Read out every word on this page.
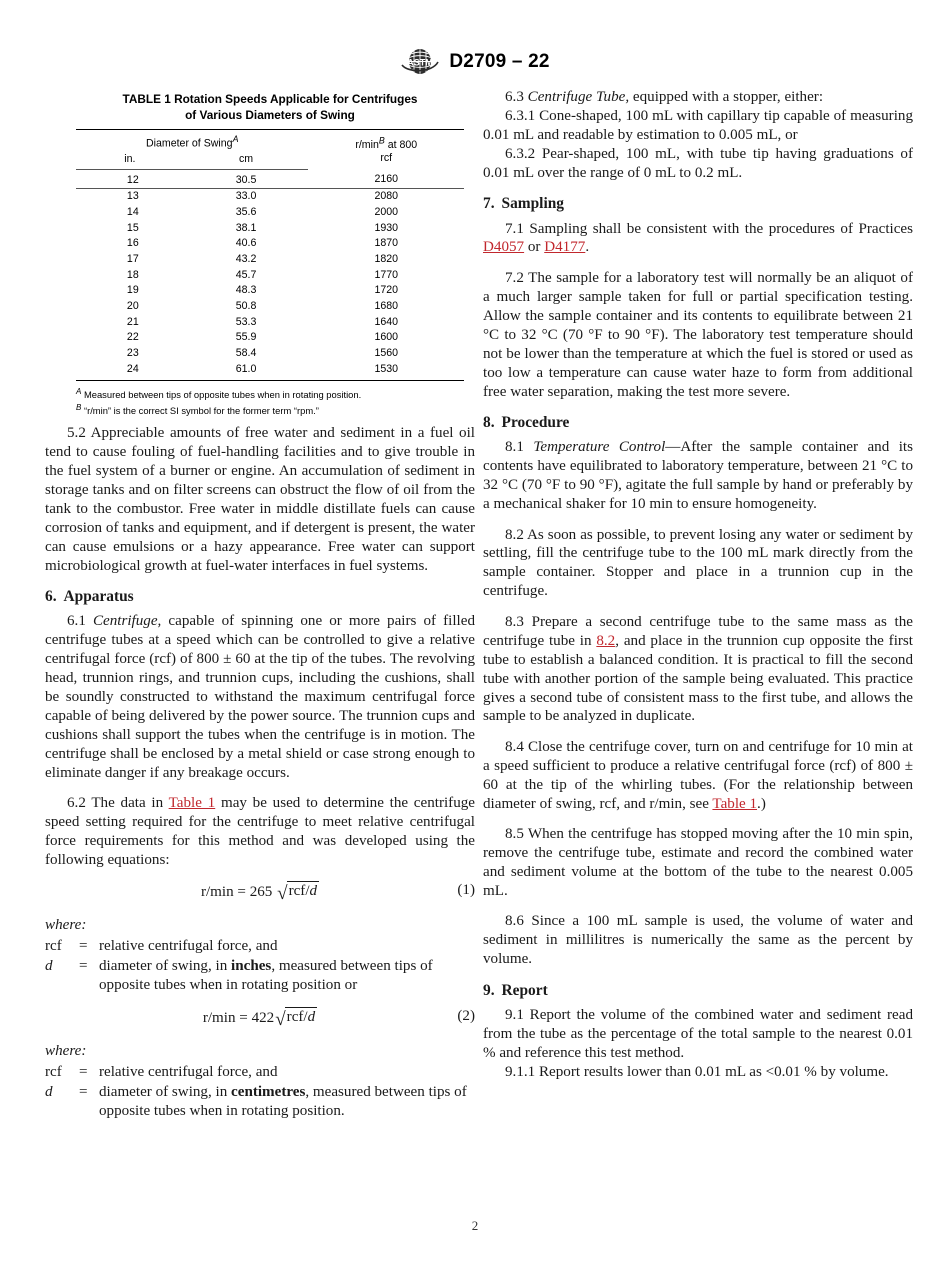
ASTM D2709 – 22
TABLE 1 Rotation Speeds Applicable for Centrifuges
of Various Diameters of Swing
Diameter of Swing$^A$		$r/\min^B$ at 800
rcf
in.	cm	
12	30.5	2160
13	33.0	2080
14	35.6	2000
15	38.1	1930
16	40.6	1870
17	43.2	1820
18	45.7	1770
19	48.3	1720
20	50.8	1680
21	53.3	1640
22	55.9	1600
23	58.4	1560
24	61.0	1530
$^A$ Measured between tips of opposite tubes when in rotating position.
$^B$ “r/min” is the correct SI symbol for the former term “rpm.”

5.2 Appreciable amounts of free water and sediment in a fuel oil tend to cause fouling of fuel-handling facilities and to give trouble in the fuel system of a burner or engine. An accumulation of sediment in storage tanks and on filter screens can obstruct the flow of oil from the tank to the combustor. Free water in middle distillate fuels can cause corrosion of tanks and equipment, and if detergent is present, the water can cause emulsions or a hazy appearance. Free water can support microbiological growth at fuel-water interfaces in fuel systems.

6. Apparatus

6.1 Centrifuge, capable of spinning one or more pairs of filled centrifuge tubes at a speed which can be controlled to give a relative centrifugal force (rcf) of 800 ± 60 at the tip of the tubes. The revolving head, trunnion rings, and trunnion cups, including the cushions, shall be soundly constructed to withstand the maximum centrifugal force capable of being delivered by the power source. The trunnion cups and cushions shall support the tubes when the centrifuge is in motion. The centrifuge shall be enclosed by a metal shield or case strong enough to eliminate danger if any breakage occurs.

6.2 The data in Table 1 may be used to determine the centrifuge speed setting required for the centrifuge to meet relative centrifugal force requirements for this method and was developed using the following equations:

r/min = 265 √rcf/d	(1)

where:

rcf	=	relative centrifugal force, and
d	=	diameter of swing, in inches, measured between tips of opposite tubes when in rotating position or
r/min = 422√rcf/d	(2)

where:

rcf	=	relative centrifugal force, and
d	=	diameter of swing, in centimetres, measured between tips of opposite tubes when in rotating position.

6.3 Centrifuge Tube, equipped with a stopper, either:

6.3.1 Cone-shaped, 100 mL with capillary tip capable of measuring 0.01 mL and readable by estimation to 0.005 mL, or

6.3.2 Pear-shaped, 100 mL, with tube tip having graduations of 0.01 mL over the range of 0 mL to 0.2 mL.

7. Sampling

7.1 Sampling shall be consistent with the procedures of Practices D4057 or D4177.

7.2 The sample for a laboratory test will normally be an aliquot of a much larger sample taken for full or partial specification testing. Allow the sample container and its contents to equilibrate between 21 °C to 32 °C (70 °F to 90 °F). The laboratory test temperature should not be lower than the temperature at which the fuel is stored or used as too low a temperature can cause water haze to form from additional free water separation, making the test more severe.

8. Procedure

8.1 Temperature Control—After the sample container and its contents have equilibrated to laboratory temperature, between 21 °C to 32 °C (70 °F to 90 °F), agitate the full sample by hand or preferably by a mechanical shaker for 10 min to ensure homogeneity.

8.2 As soon as possible, to prevent losing any water or sediment by settling, fill the centrifuge tube to the 100 mL mark directly from the sample container. Stopper and place in a trunnion cup in the centrifuge.

8.3 Prepare a second centrifuge tube to the same mass as the centrifuge tube in 8.2, and place in the trunnion cup opposite the first tube to establish a balanced condition. It is practical to fill the second tube with another portion of the sample being evaluated. This practice gives a second tube of consistent mass to the first tube, and allows the sample to be analyzed in duplicate.

8.4 Close the centrifuge cover, turn on and centrifuge for 10 min at a speed sufficient to produce a relative centrifugal force (rcf) of 800 ± 60 at the tip of the whirling tubes. (For the relationship between diameter of swing, rcf, and r/min, see Table 1.)

8.5 When the centrifuge has stopped moving after the 10 min spin, remove the centrifuge tube, estimate and record the combined water and sediment volume at the bottom of the tube to the nearest 0.005 mL.

8.6 Since a 100 mL sample is used, the volume of water and sediment in millilitres is numerically the same as the percent by volume.

9. Report

9.1 Report the volume of the combined water and sediment read from the tube as the percentage of the total sample to the nearest 0.01 % and reference this test method.

9.1.1 Report results lower than 0.01 mL as <0.01 % by volume.

2
